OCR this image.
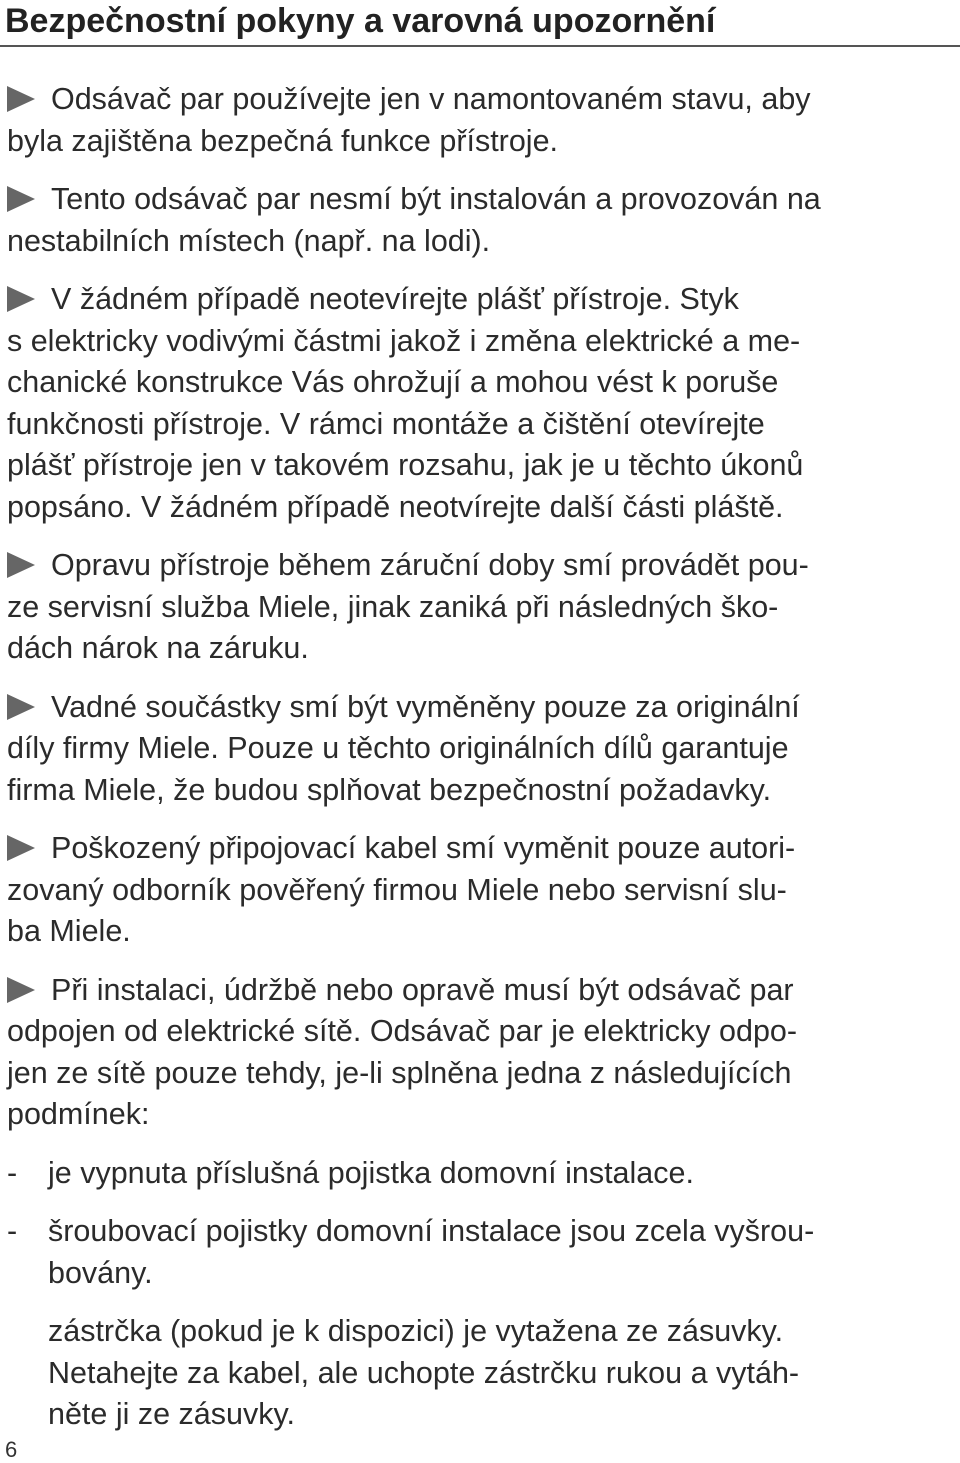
Bezpečnostní pokyny a varovná upozornění
Odsávač par používejte jen v namontovaném stavu, aby
byla zajištěna bezpečná funkce přístroje.
Tento odsávač par nesmí být instalován a provozován na
nestabilních místech (např. na lodi).
V žádném případě neotevírejte plášť přístroje. Styk
s elektricky vodivými částmi jakož i změna elektrické a me-
chanické konstrukce Vás ohrožují a mohou vést k poruše
funkčnosti přístroje. V rámci montáže a čištění otevírejte
plášť přístroje jen v takovém rozsahu, jak je u těchto úkonů
popsáno. V žádném případě neotvírejte další části pláště.
Opravu přístroje během záruční doby smí provádět pou-
ze servisní služba Miele, jinak zaniká při následných ško-
dách nárok na záruku.
Vadné součástky smí být vyměněny pouze za originální
díly firmy Miele. Pouze u těchto originálních dílů garantuje
firma Miele, že budou splňovat bezpečnostní požadavky.
Poškozený připojovací kabel smí vyměnit pouze autori-
zovaný odborník pověřený firmou Miele nebo servisní slu-
ba Miele.
Při instalaci, údržbě nebo opravě musí být odsávač par
odpojen od elektrické sítě. Odsávač par je elektricky odpo-
jen ze sítě pouze tehdy, je-li splněna jedna z následujících
podmínek:
- je vypnuta příslušná pojistka domovní instalace.
- šroubovací pojistky domovní instalace jsou zcela vyšrou-
bovány.
zástrčka (pokud je k dispozici) je vytažena ze zásuvky.
Netahejte za kabel, ale uchopte zástrčku rukou a vytáh-
něte ji ze zásuvky.
6
